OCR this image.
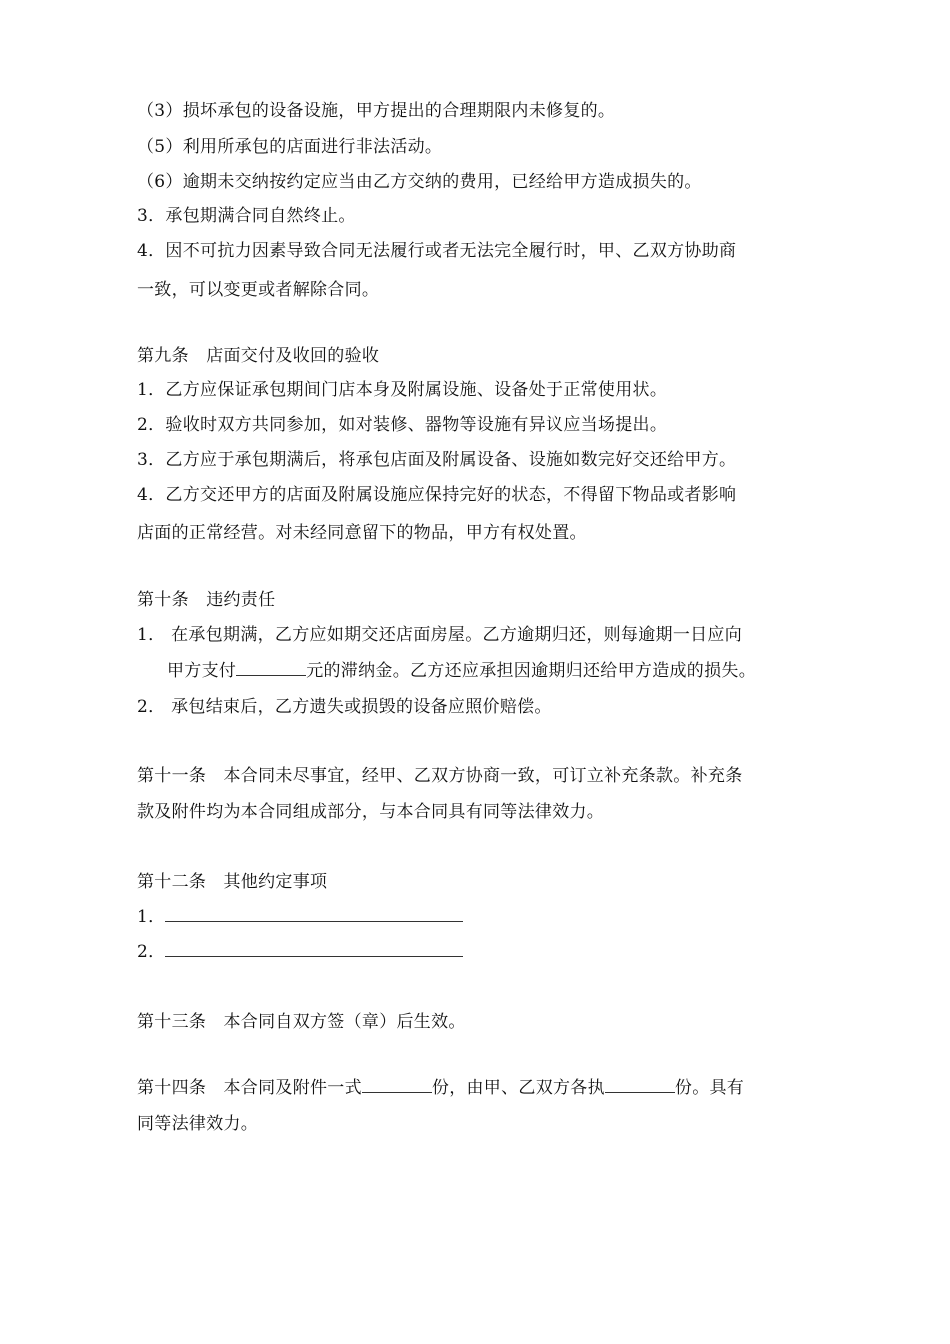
（3）损坏承包的设备设施，甲方提出的合理期限内未修复的。
（5）利用所承包的店面进行非法活动。
（6）逾期未交纳按约定应当由乙方交纳的费用，已经给甲方造成损失的。
3．承包期满合同自然终止。
4．因不可抗力因素导致合同无法履行或者无法完全履行时，甲、乙双方协助商
一致，可以变更或者解除合同。
第九条　店面交付及收回的验收
1．乙方应保证承包期间门店本身及附属设施、设备处于正常使用状。
2．验收时双方共同参加，如对装修、器物等设施有异议应当场提出。
3．乙方应于承包期满后，将承包店面及附属设备、设施如数完好交还给甲方。
4．乙方交还甲方的店面及附属设施应保持完好的状态，不得留下物品或者影响
店面的正常经营。对未经同意留下的物品，甲方有权处置。
第十条　违约责任
1． 在承包期满，乙方应如期交还店面房屋。乙方逾期归还，则每逾期一日应向
甲方支付	元的滞纳金。乙方还应承担因逾期归还给甲方造成的损失。
2． 承包结束后，乙方遗失或损毁的设备应照价赔偿。
第十一条　本合同未尽事宜，经甲、乙双方协商一致，可订立补充条款。补充条
款及附件均为本合同组成部分，与本合同具有同等法律效力。
第十二条　其他约定事项
1．
2．
第十三条　本合同自双方签（章）后生效。
第十四条　本合同及附件一式	份，由甲、乙双方各执	份。具有
同等法律效力。
